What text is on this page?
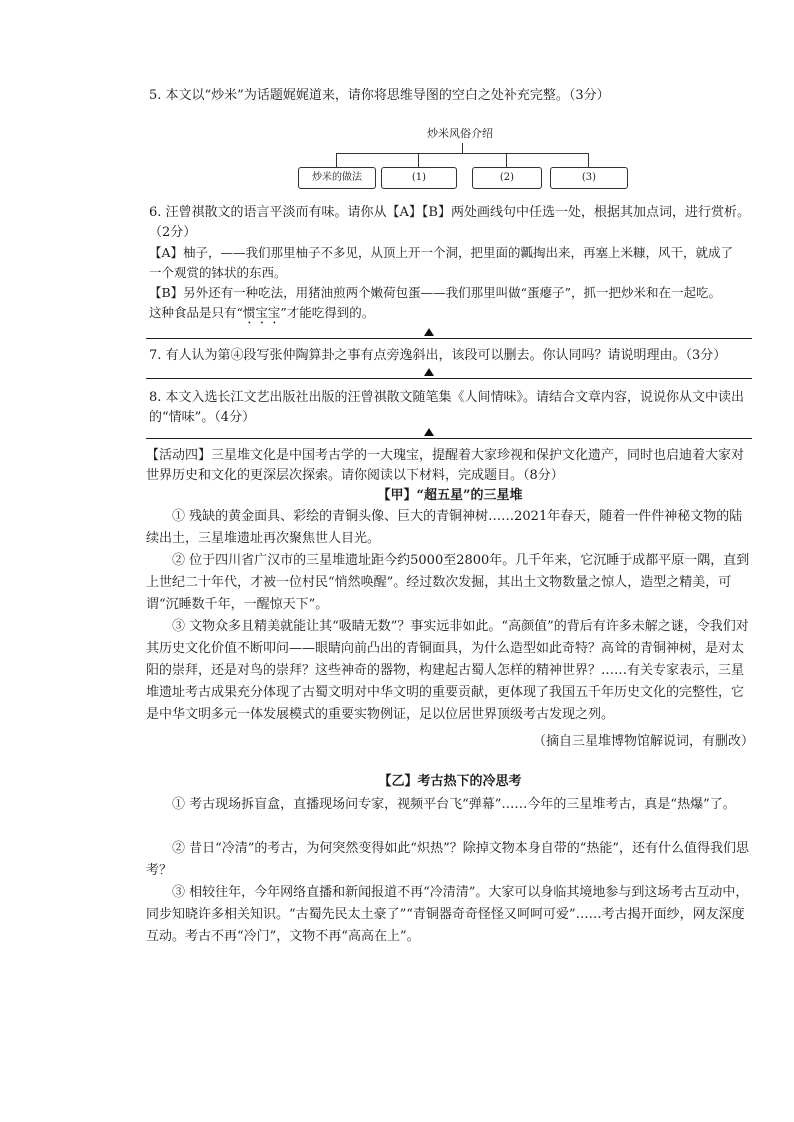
5. 本文以“炒米”为话题娓娓道来，请你将思维导图的空白之处补充完整。（3分）
炒米风俗介绍
炒米的做法	(1)	(2)	(3)
6. 汪曾祺散文的语言平淡而有味。请你从【A】【B】两处画线句中任选一处，根据其加点词，进行赏析。（2分）
【A】柚子，——我们那里柚子不多见，从顶上开一个洞，把里面的瓤掏出来，再塞上米糠，风干，就成了
一个观赏的钵状的东西。
【B】另外还有一种吃法，用猪油煎两个嫩荷包蛋——我们那里叫做“蛋瘪子”，抓一把炒米和在一起吃。
这种食品是只有“惯宝宝”才能吃得到的。
7. 有人认为第④段写张仲陶算卦之事有点旁逸斜出，该段可以删去。你认同吗？请说明理由。（3分）
8. 本文入选长江文艺出版社出版的汪曾祺散文随笔集《人间情味》。请结合文章内容，说说你从文中读出
的“情味”。（4分）
【活动四】三星堆文化是中国考古学的一大瑰宝，提醒着大家珍视和保护文化遗产，同时也启迪着大家对世界历史和文化的更深层次探索。请你阅读以下材料，完成题目。（8分）
【甲】“超五星”的三星堆
① 残缺的黄金面具、彩绘的青铜头像、巨大的青铜神树……2021年春天，随着一件件神秘文物的陆续出土，三星堆遗址再次聚焦世人目光。
② 位于四川省广汉市的三星堆遗址距今约5000至2800年。几千年来，它沉睡于成都平原一隅，直到上世纪二十年代，才被一位村民“悄然唤醒”。经过数次发掘，其出土文物数量之惊人，造型之精美，可谓“沉睡数千年，一醒惊天下”。
③ 文物众多且精美就能让其“吸睛无数”？事实远非如此。“高颜值”的背后有许多未解之谜，令我们对其历史文化价值不断叩问——眼睛向前凸出的青铜面具，为什么造型如此奇特？高耸的青铜神树，是对太阳的崇拜，还是对鸟的崇拜？这些神奇的器物，构建起古蜀人怎样的精神世界？……有关专家表示，三星堆遗址考古成果充分体现了古蜀文明对中华文明的重要贡献，更体现了我国五千年历史文化的完整性，它是中华文明多元一体发展模式的重要实物例证，足以位居世界顶级考古发现之列。
（摘自三星堆博物馆解说词，有删改）
【乙】考古热下的冷思考
① 考古现场拆盲盒，直播现场问专家，视频平台飞“弹幕”……今年的三星堆考古，真是“热爆”了。
② 昔日“冷清”的考古，为何突然变得如此“炽热”？除掉文物本身自带的“热能”，还有什么值得我们思考？
③ 相较往年，今年网络直播和新闻报道不再“冷清清”。大家可以身临其境地参与到这场考古互动中，同步知晓许多相关知识。“古蜀先民太土豪了”“青铜器奇奇怪怪又呵呵可爱”……考古揭开面纱，网友深度互动。考古不再“冷门”，文物不再“高高在上”。
